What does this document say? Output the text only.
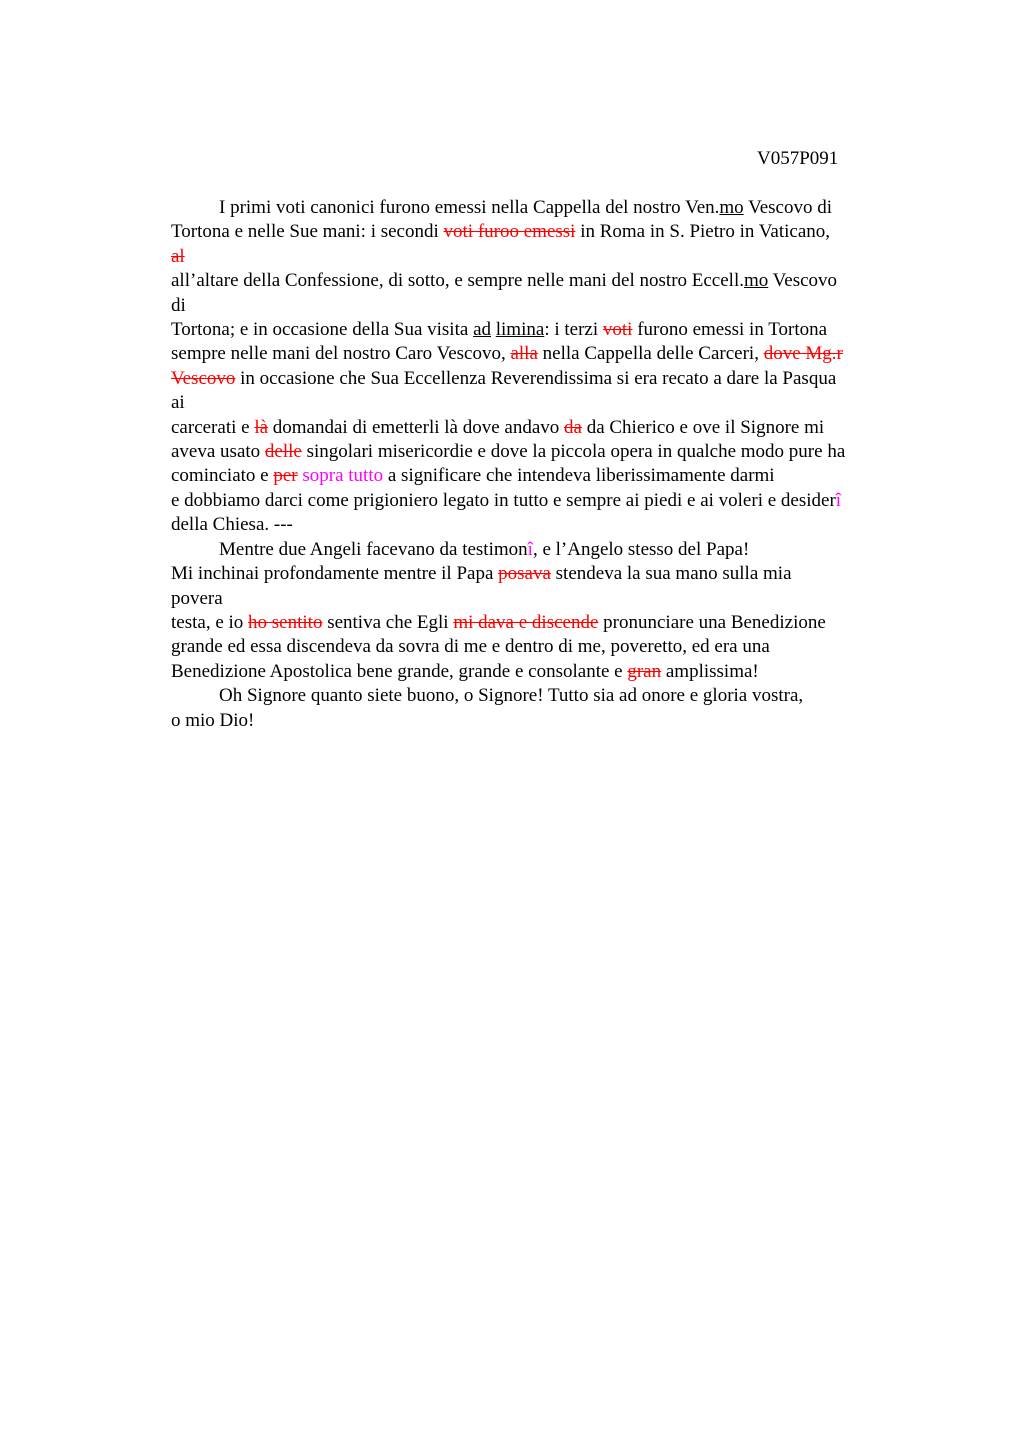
V057P091
I primi voti canonici furono emessi nella Cappella del nostro Ven.mo Vescovo di
Tortona e nelle Sue mani: i secondi voti furoo emessi in Roma in S. Pietro in Vaticano,
al
all’altare della Confessione, di sotto, e sempre nelle mani del nostro Eccell.mo Vescovo
di
Tortona; e in occasione della Sua visita ad limina: i terzi voti furono emessi in Tortona
sempre nelle mani del nostro Caro Vescovo, alla nella Cappella delle Carceri, dove Mg.r
Vescovo in occasione che Sua Eccellenza Reverendissima si era recato a dare la Pasqua
ai
carcerati e là domandai di emetterli là dove andavo da da Chierico e ove il Signore mi
aveva usato delle singolari misericordie e dove la piccola opera in qualche modo pure ha
cominciato e per sopra tutto a significare che intendeva liberissimamente darmi
e dobbiamo darci come prigioniero legato in tutto e sempre ai piedi e ai voleri e desiderî
della Chiesa. ---
Mentre due Angeli facevano da testimonî, e l’Angelo stesso del Papa!
Mi inchinai profondamente mentre il Papa posava stendeva la sua mano sulla mia
povera
testa, e io ho sentito sentiva che Egli mi dava e discende pronunciare una Benedizione
grande ed essa discendeva da sovra di me e dentro di me, poveretto, ed era una
Benedizione Apostolica bene grande, grande e consolante e gran amplissima!
Oh Signore quanto siete buono, o Signore! Tutto sia ad onore e gloria vostra,
o mio Dio!
